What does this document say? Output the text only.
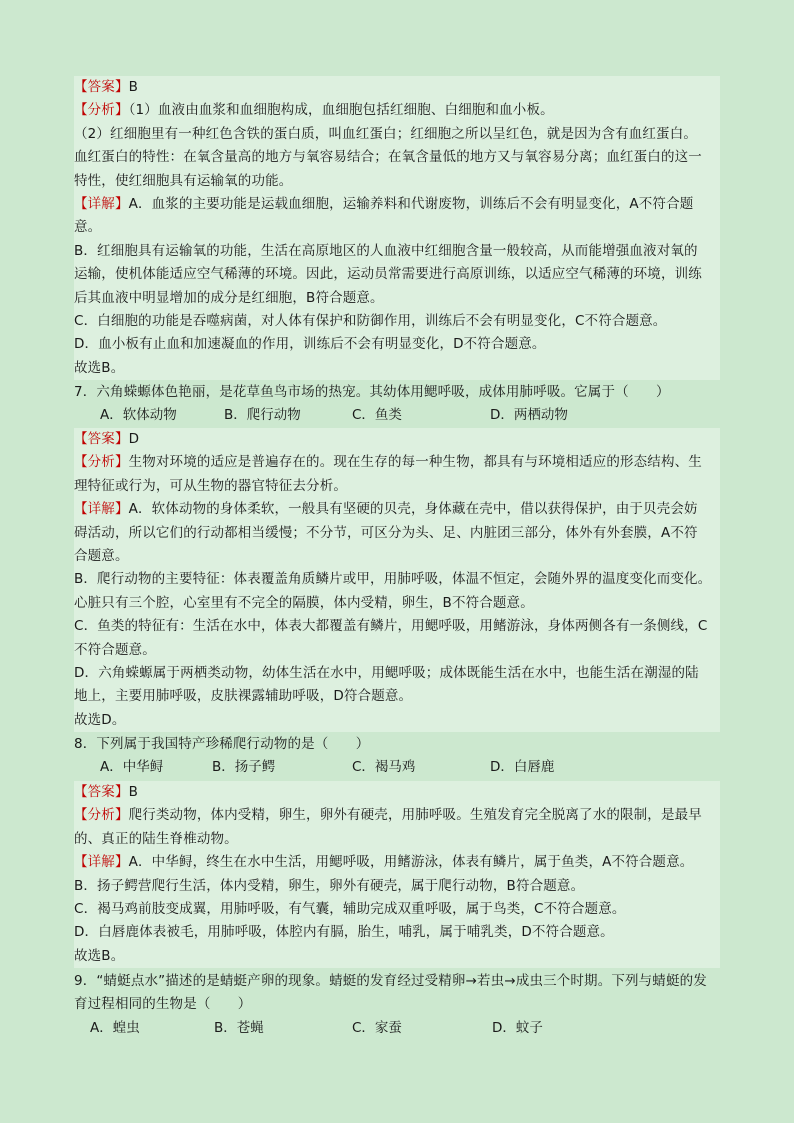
【答案】B
【分析】（1）血液由血浆和血细胞构成，血细胞包括红细胞、白细胞和血小板。
（2）红细胞里有一种红色含铁的蛋白质，叫血红蛋白；红细胞之所以呈红色，就是因为含有血红蛋白。
血红蛋白的特性：在氧含量高的地方与氧容易结合；在氧含量低的地方又与氧容易分离；血红蛋白的这一
特性，使红细胞具有运输氧的功能。
【详解】A．血浆的主要功能是运载血细胞，运输养料和代谢废物，训练后不会有明显变化，A不符合题
意。
B．红细胞具有运输氧的功能，生活在高原地区的人血液中红细胞含量一般较高，从而能增强血液对氧的
运输，使机体能适应空气稀薄的环境。因此，运动员常需要进行高原训练，以适应空气稀薄的环境，训练
后其血液中明显增加的成分是红细胞，B符合题意。
C．白细胞的功能是吞噬病菌，对人体有保护和防御作用，训练后不会有明显变化，C不符合题意。
D．血小板有止血和加速凝血的作用，训练后不会有明显变化，D不符合题意。
故选B。
7．六角蝾螈体色艳丽，是花草鱼鸟市场的热宠。其幼体用鳃呼吸，成体用肺呼吸。它属于（　　）
A．软体动物	B．爬行动物	C．鱼类	D．两栖动物
【答案】D
【分析】生物对环境的适应是普遍存在的。现在生存的每一种生物，都具有与环境相适应的形态结构、生
理特征或行为，可从生物的器官特征去分析。
【详解】A．软体动物的身体柔软，一般具有坚硬的贝壳，身体藏在壳中，借以获得保护，由于贝壳会妨
碍活动，所以它们的行动都相当缓慢；不分节，可区分为头、足、内脏团三部分，体外有外套膜，A不符
合题意。
B．爬行动物的主要特征：体表覆盖角质鳞片或甲，用肺呼吸，体温不恒定，会随外界的温度变化而变化。
心脏只有三个腔，心室里有不完全的隔膜，体内受精，卵生，B不符合题意。
C．鱼类的特征有：生活在水中，体表大都覆盖有鳞片，用鳃呼吸，用鳍游泳，身体两侧各有一条侧线，C
不符合题意。
D．六角蝾螈属于两栖类动物，幼体生活在水中，用鳃呼吸；成体既能生活在水中，也能生活在潮湿的陆
地上，主要用肺呼吸，皮肤裸露辅助呼吸，D符合题意。
故选D。
8．下列属于我国特产珍稀爬行动物的是（　　）
A．中华鲟	B．扬子鳄	C．褐马鸡	D．白唇鹿
【答案】B
【分析】爬行类动物，体内受精，卵生，卵外有硬壳，用肺呼吸。生殖发育完全脱离了水的限制，是最早
的、真正的陆生脊椎动物。
【详解】A．中华鲟，终生在水中生活，用鳃呼吸，用鳍游泳，体表有鳞片，属于鱼类，A不符合题意。
B．扬子鳄营爬行生活，体内受精，卵生，卵外有硬壳，属于爬行动物，B符合题意。
C．褐马鸡前肢变成翼，用肺呼吸，有气囊，辅助完成双重呼吸，属于鸟类，C不符合题意。
D．白唇鹿体表被毛，用肺呼吸，体腔内有膈，胎生，哺乳，属于哺乳类，D不符合题意。
故选B。
9．“蜻蜓点水”描述的是蜻蜓产卵的现象。蜻蜓的发育经过受精卵→若虫→成虫三个时期。下列与蜻蜓的发
育过程相同的生物是（　　）
A．蝗虫	B．苍蝇	C．家蚕	D．蚊子
